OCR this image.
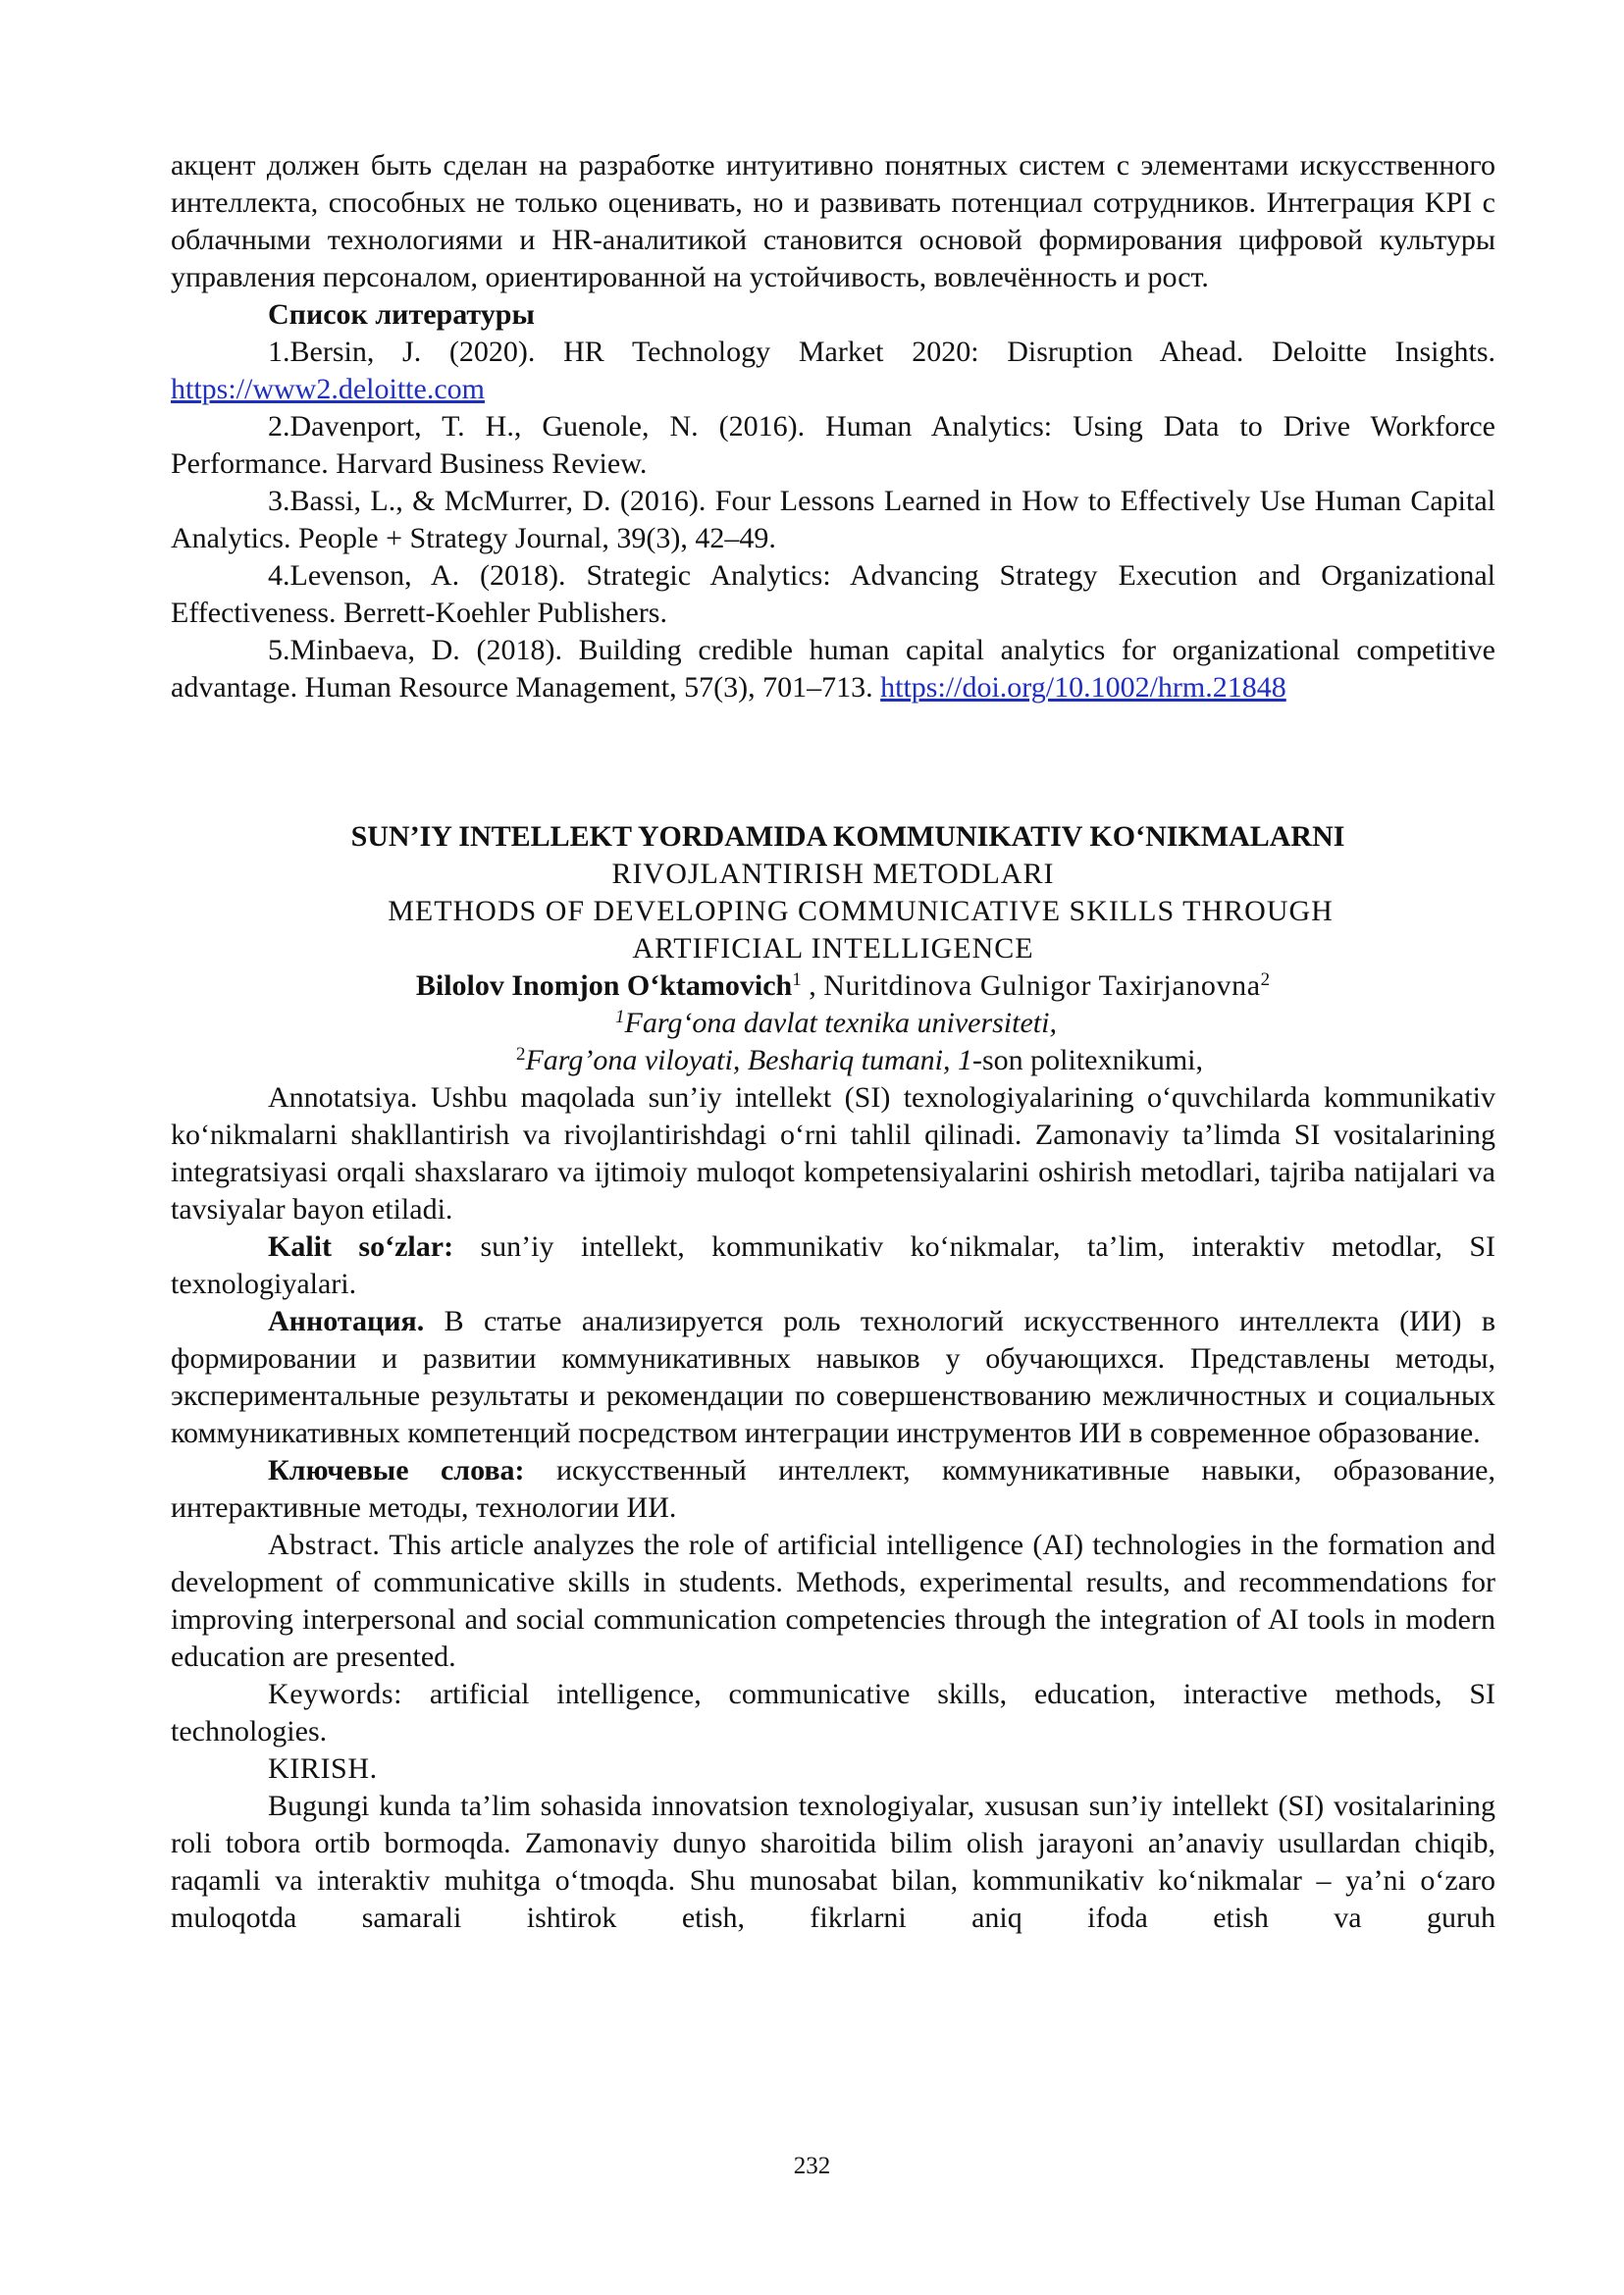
акцент должен быть сделан на разработке интуитивно понятных систем с элементами искусственного интеллекта, способных не только оценивать, но и развивать потенциал сотрудников. Интеграция KPI с облачными технологиями и HR-аналитикой становится основой формирования цифровой культуры управления персоналом, ориентированной на устойчивость, вовлечённость и рост.

Список литературы

1.Bersin, J. (2020). HR Technology Market 2020: Disruption Ahead. Deloitte Insights. https://www2.deloitte.com

2.Davenport, T. H., Guenole, N. (2016). Human Analytics: Using Data to Drive Workforce Performance. Harvard Business Review.

3.Bassi, L., & McMurrer, D. (2016). Four Lessons Learned in How to Effectively Use Human Capital Analytics. People + Strategy Journal, 39(3), 42–49.

4.Levenson, A. (2018). Strategic Analytics: Advancing Strategy Execution and Organizational Effectiveness. Berrett-Koehler Publishers.

5.Minbaeva, D. (2018). Building credible human capital analytics for organizational competitive advantage. Human Resource Management, 57(3), 701–713. https://doi.org/10.1002/hrm.21848

SUN’IY INTELLEKT YORDAMIDA KOMMUNIKATIV KO‘NIKMALARNI

RIVOJLANTIRISH METODLARI

METHODS OF DEVELOPING COMMUNICATIVE SKILLS THROUGH

ARTIFICIAL INTELLIGENCE

Bilolov Inomjon O‘ktamovich$^1$ , Nuritdinova Gulnigor Taxirjanovna$^2$

$^1$Farg‘ona davlat texnika universiteti,

$^2$Farg’ona viloyati, Beshariq tumani, 1-son politexnikumi,

Annotatsiya. Ushbu maqolada sun’iy intellekt (SI) texnologiyalarining o‘quvchilarda kommunikativ ko‘nikmalarni shakllantirish va rivojlantirishdagi o‘rni tahlil qilinadi. Zamonaviy ta’limda SI vositalarining integratsiyasi orqali shaxslararo va ijtimoiy muloqot kompetensiyalarini oshirish metodlari, tajriba natijalari va tavsiyalar bayon etiladi.

Kalit so‘zlar: sun’iy intellekt, kommunikativ ko‘nikmalar, ta’lim, interaktiv metodlar, SI texnologiyalari.

Аннотация. В статье анализируется роль технологий искусственного интеллекта (ИИ) в формировании и развитии коммуникативных навыков у обучающихся. Представлены методы, экспериментальные результаты и рекомендации по совершенствованию межличностных и социальных коммуникативных компетенций посредством интеграции инструментов ИИ в современное образование.

Ключевые слова: искусственный интеллект, коммуникативные навыки, образование, интерактивные методы, технологии ИИ.

Abstract. This article analyzes the role of artificial intelligence (AI) technologies in the formation and development of communicative skills in students. Methods, experimental results, and recommendations for improving interpersonal and social communication competencies through the integration of AI tools in modern education are presented.

Keywords: artificial intelligence, communicative skills, education, interactive methods, SI technologies.

KIRISH.

Bugungi kunda ta’lim sohasida innovatsion texnologiyalar, xususan sun’iy intellekt (SI) vositalarining roli tobora ortib bormoqda. Zamonaviy dunyo sharoitida bilim olish jarayoni an’anaviy usullardan chiqib, raqamli va interaktiv muhitga o‘tmoqda. Shu munosabat bilan, kommunikativ ko‘nikmalar – ya’ni o‘zaro muloqotda samarali ishtirok etish, fikrlarni aniq ifoda etish va guruh

232
